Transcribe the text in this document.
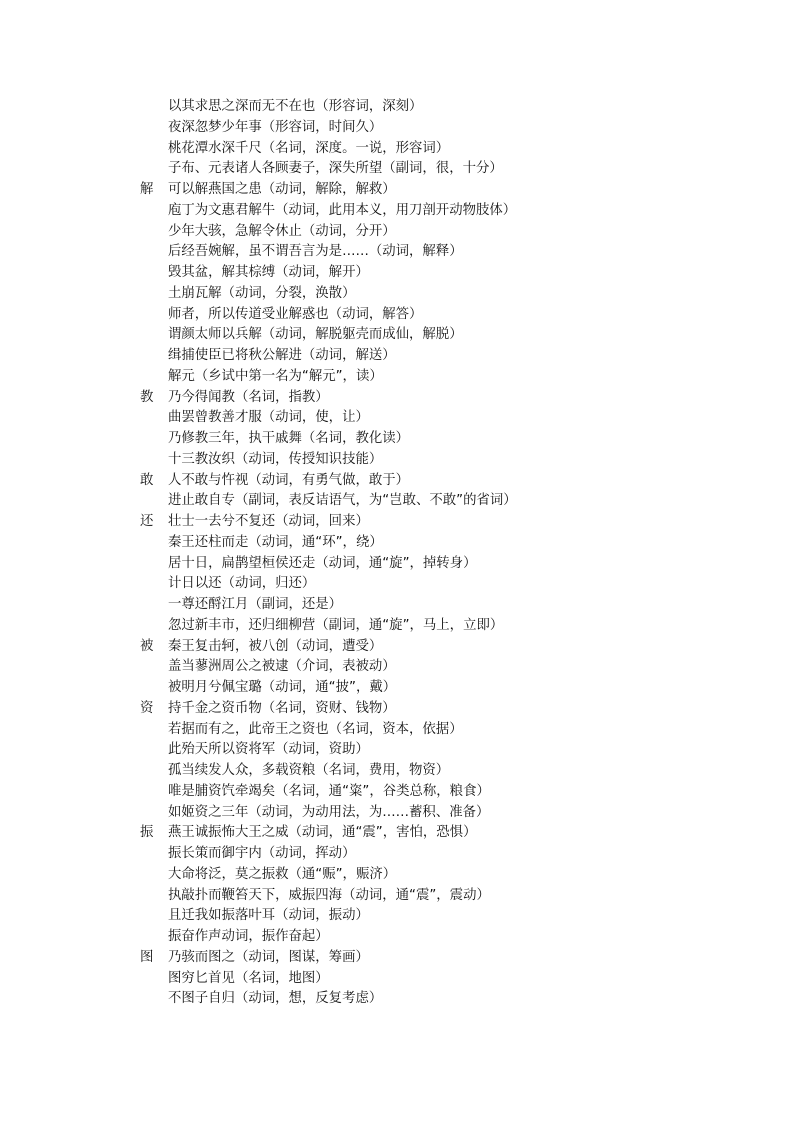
以其求思之深而无不在也（形容词，深刻）
夜深忽梦少年事（形容词，时间久）
桃花潭水深千尺（名词，深度。一说，形容词）
子布、元表诸人各顾妻子，深失所望（副词，很，十分）
解	可以解燕国之患（动词，解除，解救）
庖丁为文惠君解牛（动词，此用本义，用刀剖开动物肢体）
少年大骇，急解令休止（动词，分开）
后经吾婉解，虽不谓吾言为是……（动词，解释）
毁其盆，解其棕缚（动词，解开）
土崩瓦解（动词，分裂，涣散）
师者，所以传道受业解惑也（动词，解答）
谓颜太师以兵解（动词，解脱躯壳而成仙，解脱）
缉捕使臣已将秋公解进（动词，解送）
解元（乡试中第一名为“解元”，读）
教	乃今得闻教（名词，指教）
曲罢曾教善才服（动词，使，让）
乃修教三年，执干戚舞（名词，教化读）
十三教汝织（动词，传授知识技能）
敢	人不敢与忤视（动词，有勇气做，敢于）
进止敢自专（副词，表反诘语气，为“岂敢、不敢”的省词）
还	壮士一去兮不复还（动词，回来）
秦王还柱而走（动词，通“环”，绕）
居十日，扁鹊望桓侯还走（动词，通“旋”，掉转身）
计日以还（动词，归还）
一尊还酹江月（副词，还是）
忽过新丰市，还归细柳营（副词，通“旋”，马上，立即）
被	秦王复击轲，被八创（动词，遭受）
盖当蓼洲周公之被逮（介词，表被动）
被明月兮佩宝璐（动词，通“披”，戴）
资	持千金之资币物（名词，资财、钱物）
若据而有之，此帝王之资也（名词，资本，依据）
此殆天所以资将军（动词，资助）
孤当续发人众，多载资粮（名词，费用，物资）
唯是脯资饩牵竭矣（名词，通“粢”，谷类总称，粮食）
如姬资之三年（动词，为动用法，为……蓄积、准备）
振	燕王诚振怖大王之威（动词，通“震”，害怕，恐惧）
振长策而御宇内（动词，挥动）
大命将泛，莫之振救（通“赈”，赈济）
执敲扑而鞭笞天下，威振四海（动词，通“震”，震动）
且迁我如振落叶耳（动词，振动）
振奋作声动词，振作奋起）
图	乃骇而图之（动词，图谋，筹画）
图穷匕首见（名词，地图）
不图子自归（动词，想，反复考虑）
